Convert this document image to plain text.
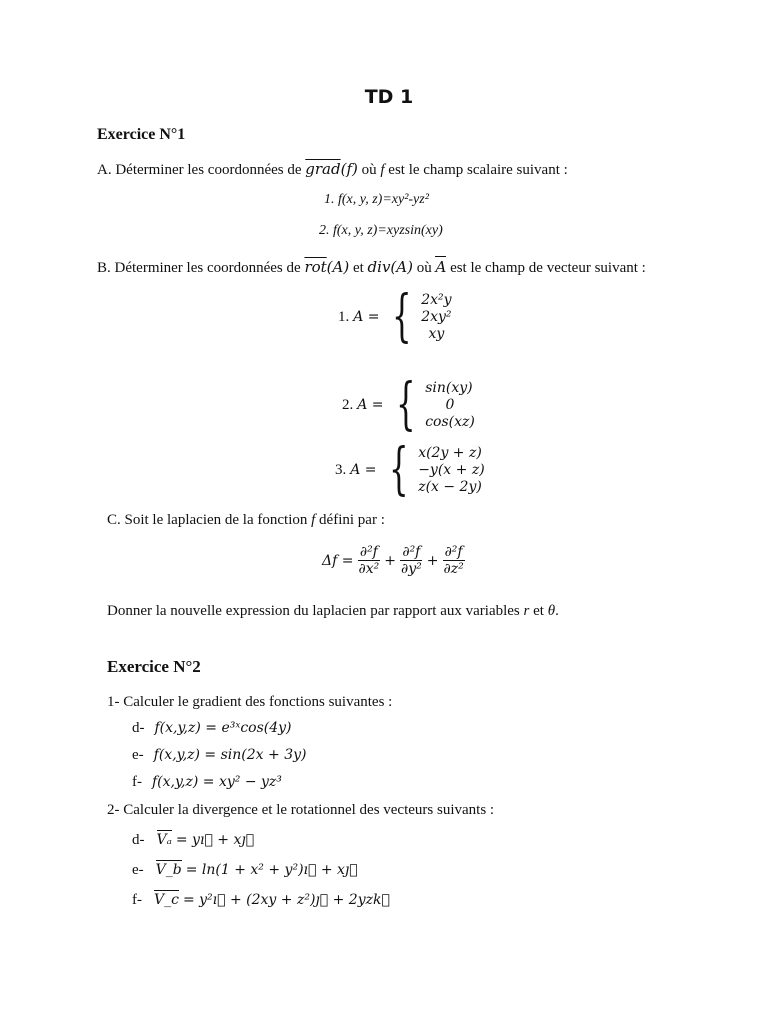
TD 1
Exercice N°1
A. Déterminer les coordonnées de grad(f) où f est le champ scalaire suivant :
1. f(x, y, z)=xy²-yz²
2. f(x, y, z)=xyzsin(xy)
B. Déterminer les coordonnées de $\overline{rot}(A)$ et div(A) où A est le champ de vecteur suivant :
1. A = { 2x²y
2xy²
xy
2. A = { sin(xy)
0
cos(xz)
3. A = { x(2y + z)
−y(x + z)
z(x − 2y)
C. Soit le laplacien de la fonction f défini par :
$\Delta f = \frac{\text{∂²f}}{\text{∂x²}} + \frac{\text{∂²f}}{\text{∂y²}} + \frac{\text{∂²f}}{\text{∂z²}}$
Donner la nouvelle expression du laplacien par rapport aux variables r et θ.
Exercice N°2
1- Calculer le gradient des fonctions suivantes :
d- f(x,y,z) = e³ˣcos(4y)
e- f(x,y,z) = sin(2x + 3y)
f- f(x,y,z) = xy² − yz³
2- Calculer la divergence et le rotationnel des vecteurs suivants :
d- Vₐ = yı⃗ + xȷ⃗
e- V_b = ln(1 + x² + y²)ı⃗ + xȷ⃗
f- V_c = y²ı⃗ + (2xy + z²)ȷ⃗ + 2yzk⃗
